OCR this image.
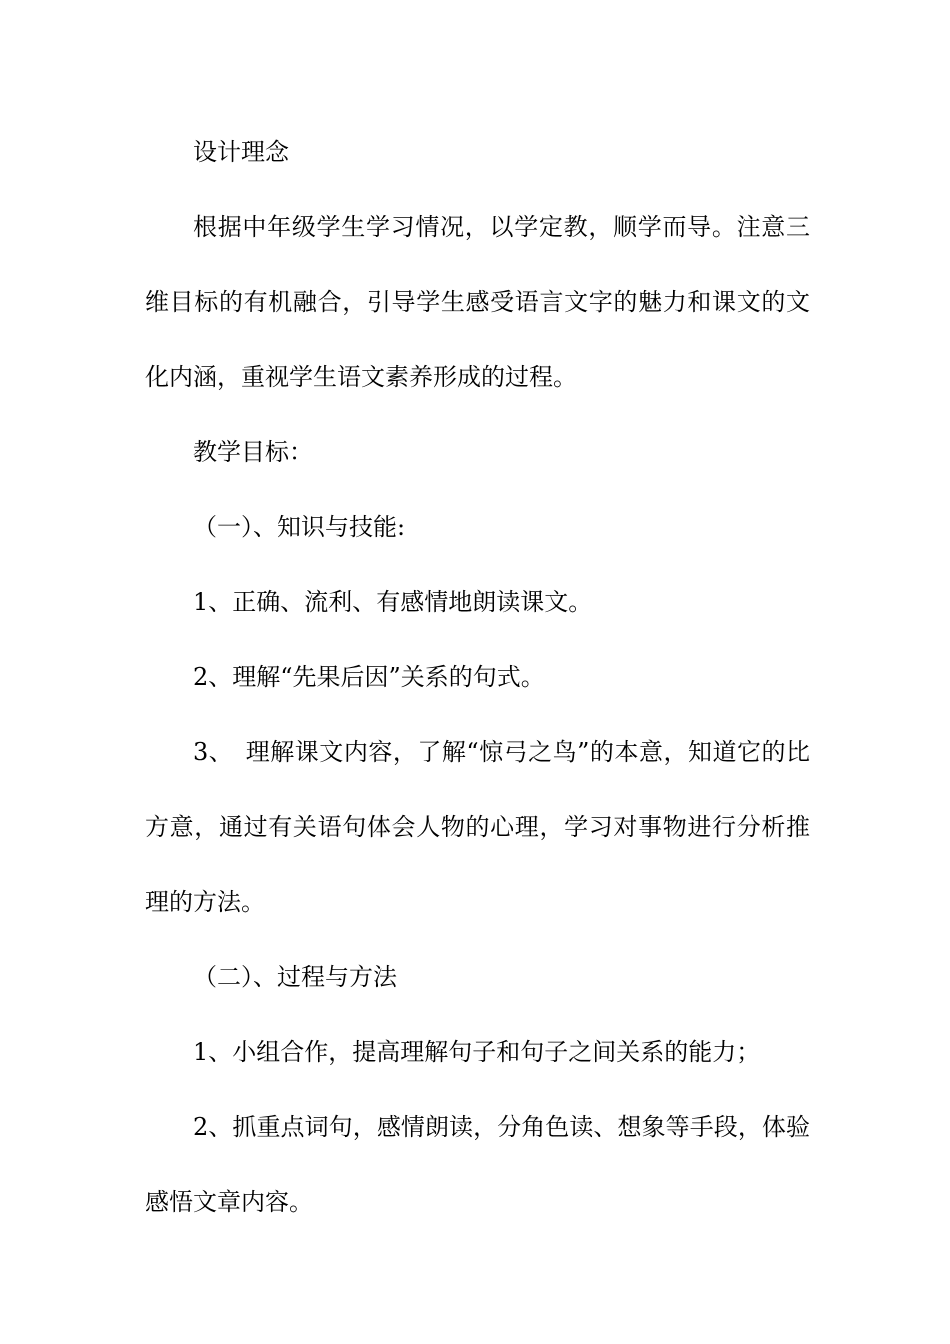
设计理念

根据中年级学生学习情况，以学定教，顺学而导。注意三维目标的有机融合，引导学生感受语言文字的魅力和课文的文化内涵，重视学生语文素养形成的过程。

教学目标：

（一）、知识与技能:

1、正确、流利、有感情地朗读课文。

2、理解“先果后因”关系的句式。

3、　理解课文内容，了解“惊弓之鸟”的本意，知道它的比方意，通过有关语句体会人物的心理，学习对事物进行分析推理的方法。

（二）、过程与方法

1、小组合作，提高理解句子和句子之间关系的能力；

2、抓重点词句，感情朗读，分角色读、想象等手段，体验感悟文章内容。
